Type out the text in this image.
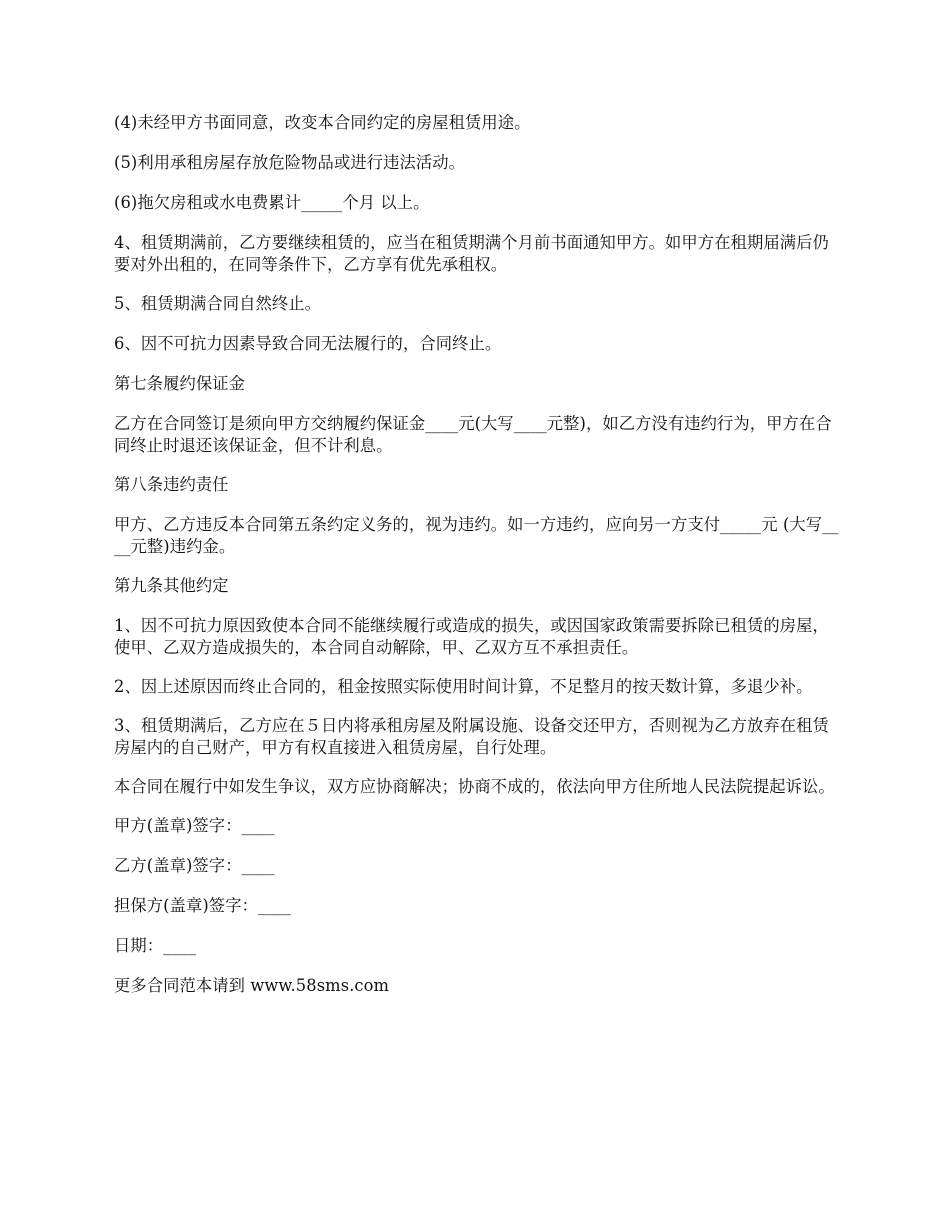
(4)未经甲方书面同意，改变本合同约定的房屋租赁用途。

(5)利用承租房屋存放危险物品或进行违法活动。

(6)拖欠房租或水电费累计_____个月 以上。

4、租赁期满前，乙方要继续租赁的，应当在租赁期满个月前书面通知甲方。如甲方在租期届满后仍要对外出租的，在同等条件下，乙方享有优先承租权。

5、租赁期满合同自然终止。

6、因不可抗力因素导致合同无法履行的，合同终止。

第七条履约保证金

乙方在合同签订是须向甲方交纳履约保证金____元(大写____元整)，如乙方没有违约行为，甲方在合同终止时退还该保证金，但不计利息。

第八条违约责任

甲方、乙方违反本合同第五条约定义务的，视为违约。如一方违约，应向另一方支付_____元 (大写____元整)违约金。

第九条其他约定

1、因不可抗力原因致使本合同不能继续履行或造成的损失，或因国家政策需要拆除已租赁的房屋，使甲、乙双方造成损失的，本合同自动解除，甲、乙双方互不承担责任。

2、因上述原因而终止合同的，租金按照实际使用时间计算，不足整月的按天数计算，多退少补。

3、租赁期满后，乙方应在５日内将承租房屋及附属设施、设备交还甲方，否则视为乙方放弃在租赁房屋内的自己财产，甲方有权直接进入租赁房屋，自行处理。

本合同在履行中如发生争议，双方应协商解决；协商不成的，依法向甲方住所地人民法院提起诉讼。

甲方(盖章)签字：____

乙方(盖章)签字：____

担保方(盖章)签字：____

日期：____

更多合同范本请到 www.58sms.com
